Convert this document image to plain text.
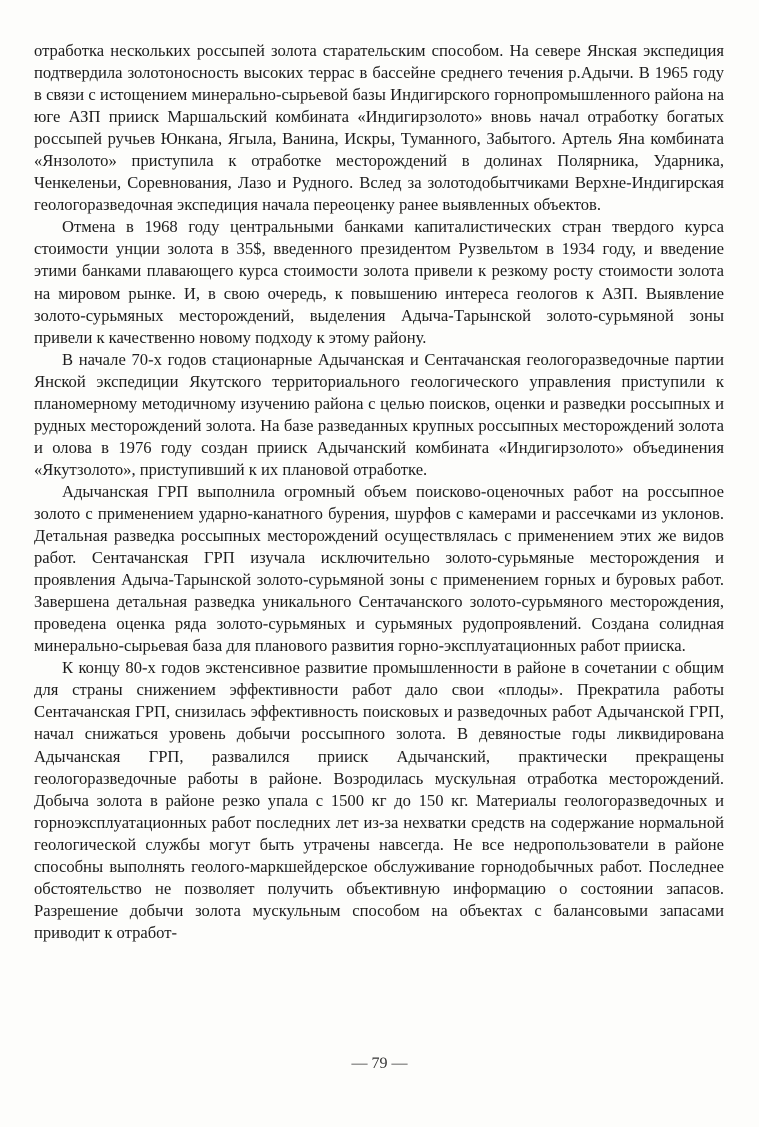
отработка нескольких россыпей золота старательским способом. На севере Янская экспедиция подтвердила золотоносность высоких террас в бассейне среднего течения р.Адычи. В 1965 году в связи с истощением минерально-сырьевой базы Индигирского горнопромышленного района на юге АЗП прииск Маршальский комбината «Индигирзолото» вновь начал отработку богатых россыпей ручьев Юнкана, Ягыла, Ванина, Искры, Туманного, Забытого. Артель Яна комбината «Янзолото» приступила к отработке месторождений в долинах Полярника, Ударника, Ченкеленьи, Соревнования, Лазо и Рудного. Вслед за золотодобытчиками Верхне-Индигирская геологоразведочная экспедиция начала переоценку ранее выявленных объектов.

Отмена в 1968 году центральными банками капиталистических стран твердого курса стоимости унции золота в 35$, введенного президентом Рузвельтом в 1934 году, и введение этими банками плавающего курса стоимости золота привели к резкому росту стоимости золота на мировом рынке. И, в свою очередь, к повышению интереса геологов к АЗП. Выявление золото-сурьмяных месторождений, выделения Адыча-Тарынской золото-сурьмяной зоны привели к качественно новому подходу к этому району.

В начале 70-х годов стационарные Адычанская и Сентачанская геологоразведочные партии Янской экспедиции Якутского территориального геологического управления приступили к планомерному методичному изучению района с целью поисков, оценки и разведки россыпных и рудных месторождений золота. На базе разведанных крупных россыпных месторождений золота и олова в 1976 году создан прииск Адычанский комбината «Индигирзолото» объединения «Якутзолото», приступивший к их плановой отработке.

Адычанская ГРП выполнила огромный объем поисково-оценочных работ на россыпное золото с применением ударно-канатного бурения, шурфов с камерами и рассечками из уклонов. Детальная разведка россыпных месторождений осуществлялась с применением этих же видов работ. Сентачанская ГРП изучала исключительно золото-сурьмяные месторождения и проявления Адыча-Тарынской золото-сурьмяной зоны с применением горных и буровых работ. Завершена детальная разведка уникального Сентачанского золото-сурьмяного месторождения, проведена оценка ряда золото-сурьмяных и сурьмяных рудопроявлений. Создана солидная минерально-сырьевая база для планового развития горно-эксплуатационных работ прииска.

К концу 80-х годов экстенсивное развитие промышленности в районе в сочетании с общим для страны снижением эффективности работ дало свои «плоды». Прекратила работы Сентачанская ГРП, снизилась эффективность поисковых и разведочных работ Адычанской ГРП, начал снижаться уровень добычи россыпного золота. В девяностые годы ликвидирована Адычанская ГРП, развалился прииск Адычанский, практически прекращены геологоразведочные работы в районе. Возродилась мускульная отработка месторождений. Добыча золота в районе резко упала с 1500 кг до 150 кг. Материалы геологоразведочных и горноэксплуатационных работ последних лет из-за нехватки средств на содержание нормальной геологической службы могут быть утрачены навсегда. Не все недропользователи в районе способны выполнять геолого-маркшейдерское обслуживание горнодобычных работ. Последнее обстоятельство не позволяет получить объективную информацию о состоянии запасов. Разрешение добычи золота мускульным способом на объектах с балансовыми запасами приводит к отработ-

— 79 —
